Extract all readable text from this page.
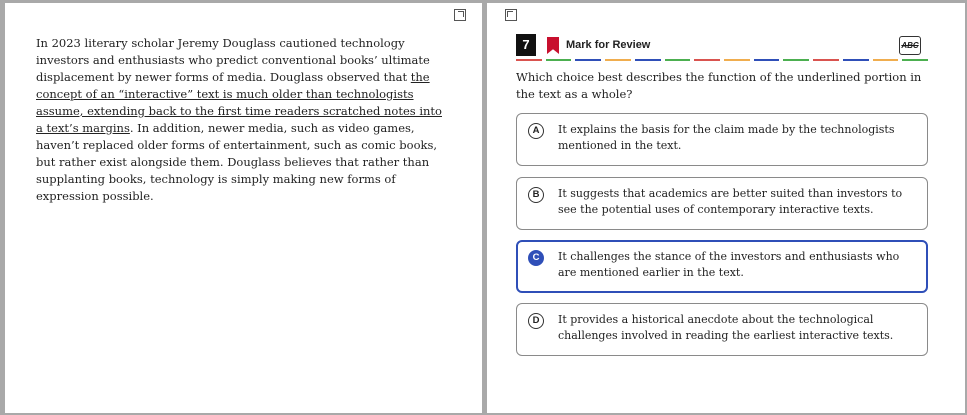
In 2023 literary scholar Jeremy Douglass cautioned technology investors and enthusiasts who predict conventional books’ ultimate displacement by newer forms of media. Douglass observed that the concept of an “interactive” text is much older than technologists assume, extending back to the first time readers scratched notes into a text’s margins. In addition, newer media, such as video games, haven’t replaced older forms of entertainment, such as comic books, but rather exist alongside them. Douglass believes that rather than supplanting books, technology is simply making new forms of expression possible.
7	Mark for Review	ABC
Which choice best describes the function of the underlined portion in the text as a whole?
A	It explains the basis for the claim made by the technologists mentioned in the text.
B	It suggests that academics are better suited than investors to see the potential uses of contemporary interactive texts.
C	It challenges the stance of the investors and enthusiasts who are mentioned earlier in the text.
D	It provides a historical anecdote about the technological challenges involved in reading the earliest interactive texts.
